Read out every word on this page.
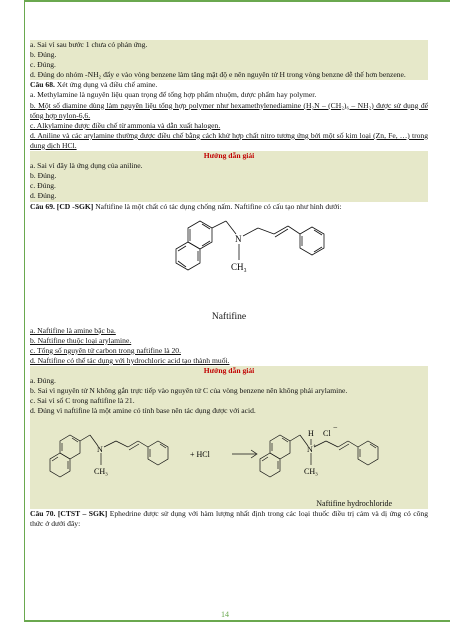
a. Sai vì sau bước 1 chưa có phản ứng.

b. Đúng.

c. Đúng.

d. Đúng do nhóm -NH₂ đẩy e vào vòng benzene làm tăng mật độ e nên nguyên tử H trong vòng benzne dễ thế hơn benzene.

Câu 68. Xét ứng dụng và điều chế amine.

a. Methylamine là nguyên liệu quan trọng để tổng hợp phẩm nhuộm, dược phẩm hay polymer.

b. Một số diamine dùng làm nguyên liệu tổng hợp polymer như hexamethylenediamine (H₂N – (CH₂)₆ – NH₂) được sử dụng để tổng hợp nylon-6,6.

c. Alkylamine được điều chế từ ammonia và dẫn xuất halogen.

d. Aniline và các arylamine thường được điều chế bằng cách khử hợp chất nitro tương ứng bởi một số kim loại (Zn, Fe, …) trong dung dịch HCl.

Hướng dẫn giải

a. Sai vì đây là ứng dụng của aniline.

b. Đúng.

c. Đúng.

d. Đúng.

Câu 69. [CD -SGK] Naftifine là một chất có tác dụng chống nấm. Naftifine có cấu tạo như hình dưới:

N
CH₃

Naftifine

a. Naftifine là amine bậc ba.

b. Naftifine thuộc loại arylamine.

c. Tổng số nguyên tử carbon trong naftifine là 20.

d. Naftifine có thể tác dụng với hydrochloric acid tạo thành muối.

Hướng dẫn giải

a. Đúng.

b. Sai vì nguyên tử N không gắn trực tiếp vào nguyên tử C của vòng benzene nên không phải arylamine.

c. Sai vì số C trong naftifine là 21.

d. Đúng vì naftifine là một amine có tính base nên tác dụng được với acid.

N
CH₃
+ HCl
H Cl
−
+
N
CH₃

Naftifine hydrochloride

Câu 70. [CTST – SGK] Ephedrine được sử dụng với hàm lượng nhất định trong các loại thuốc điều trị cảm và dị ứng có công thức ở dưới đây:

14
